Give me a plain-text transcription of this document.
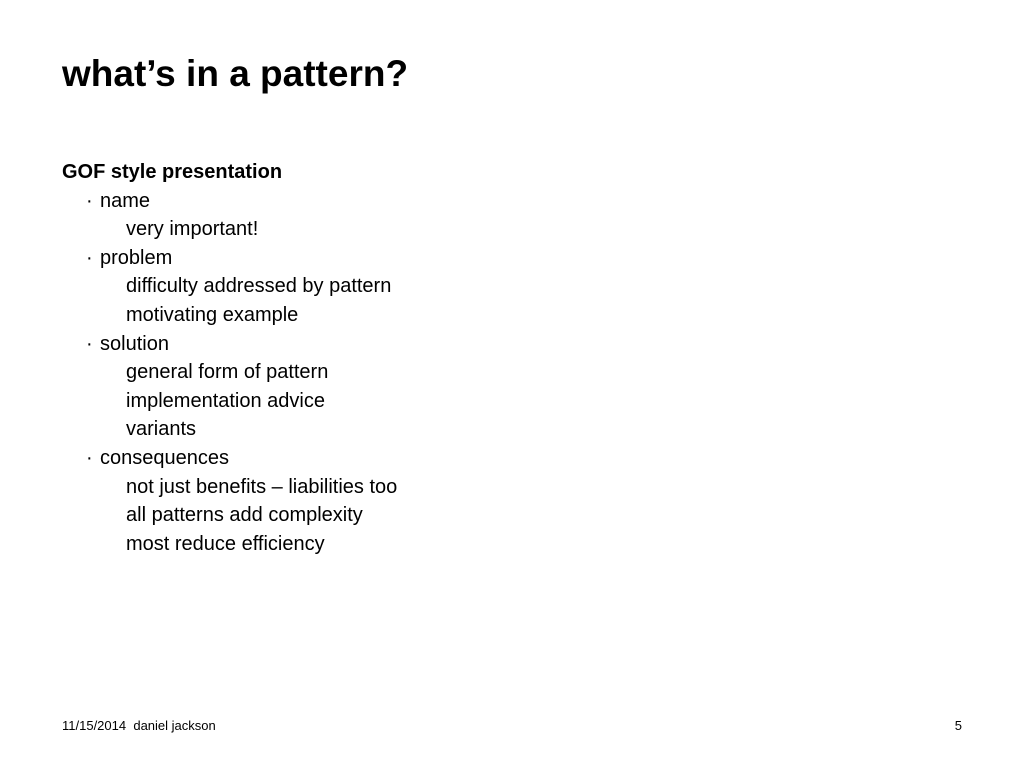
what’s in a pattern?
GOF style presentation
· name
very important!
· problem
difficulty addressed by pattern
motivating example
· solution
general form of pattern
implementation advice
variants
· consequences
not just benefits – liabilities too
all patterns add complexity
most reduce efficiency
11/15/2014 daniel jackson	5
